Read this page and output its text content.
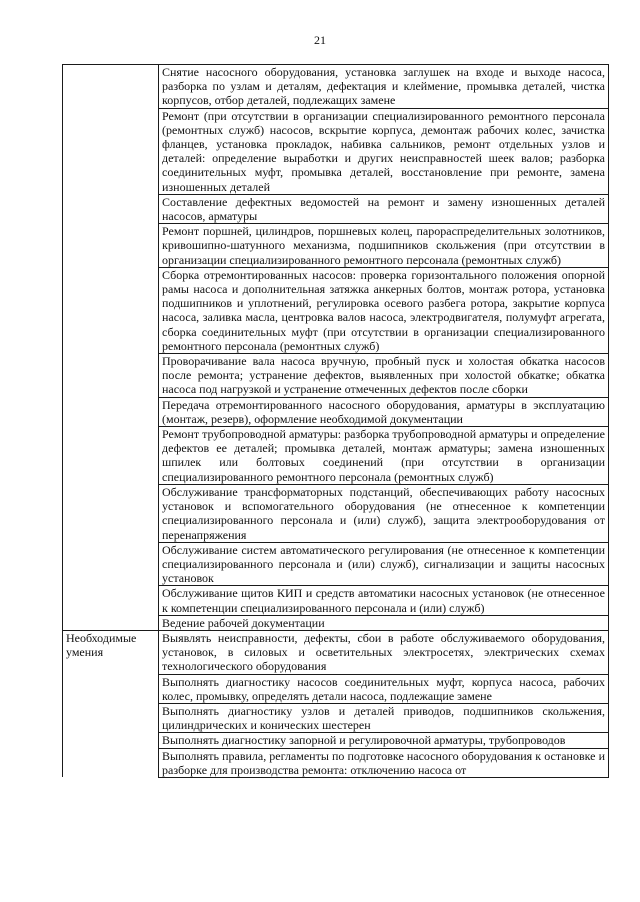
21
	Снятие насосного оборудования, установка заглушек на входе и выходе насоса, разборка по узлам и деталям, дефектация и клеймение, промывка деталей, чистка корпусов, отбор деталей, подлежащих замене
	Ремонт (при отсутствии в организации специализированного ремонтного персонала (ремонтных служб) насосов, вскрытие корпуса, демонтаж рабочих колес, зачистка фланцев, установка прокладок, набивка сальников, ремонт отдельных узлов и деталей: определение выработки и других неисправностей шеек валов; разборка соединительных муфт, промывка деталей, восстановление при ремонте, замена изношенных деталей
	Составление дефектных ведомостей на ремонт и замену изношенных деталей насосов, арматуры
	Ремонт поршней, цилиндров, поршневых колец, парораспределительных золотников, кривошипно-шатунного механизма, подшипников скольжения (при отсутствии в организации специализированного ремонтного персонала (ремонтных служб)
	Сборка отремонтированных насосов: проверка горизонтального положения опорной рамы насоса и дополнительная затяжка анкерных болтов, монтаж ротора, установка подшипников и уплотнений, регулировка осевого разбега ротора, закрытие корпуса насоса, заливка масла, центровка валов насоса, электродвигателя, полумуфт агрегата, сборка соединительных муфт (при отсутствии в организации специализированного ремонтного персонала (ремонтных служб)
	Проворачивание вала насоса вручную, пробный пуск и холостая обкатка насосов после ремонта; устранение дефектов, выявленных при холостой обкатке; обкатка насоса под нагрузкой и устранение отмеченных дефектов после сборки
	Передача отремонтированного насосного оборудования, арматуры в эксплуатацию (монтаж, резерв), оформление необходимой документации
	Ремонт трубопроводной арматуры: разборка трубопроводной арматуры и определение дефектов ее деталей; промывка деталей, монтаж арматуры; замена изношенных шпилек или болтовых соединений (при отсутствии в организации специализированного ремонтного персонала (ремонтных служб)
	Обслуживание трансформаторных подстанций, обеспечивающих работу насосных установок и вспомогательного оборудования (не отнесенное к компетенции специализированного персонала и (или) служб), защита электрооборудования от перенапряжения
	Обслуживание систем автоматического регулирования (не отнесенное к компетенции специализированного персонала и (или) служб), сигнализации и защиты насосных установок
	Обслуживание щитов КИП и средств автоматики насосных установок (не отнесенное к компетенции специализированного персонала и (или) служб)
	Ведение рабочей документации
Необходимые умения	Выявлять неисправности, дефекты, сбои в работе обслуживаемого оборудования, установок, в силовых и осветительных электросетях, электрических схемах технологического оборудования
	Выполнять диагностику насосов соединительных муфт, корпуса насоса, рабочих колес, промывку, определять детали насоса, подлежащие замене
	Выполнять диагностику узлов и деталей приводов, подшипников скольжения, цилиндрических и конических шестерен
	Выполнять диагностику запорной и регулировочной арматуры, трубопроводов
	Выполнять правила, регламенты по подготовке насосного оборудования к остановке и разборке для производства ремонта: отключению насоса от
